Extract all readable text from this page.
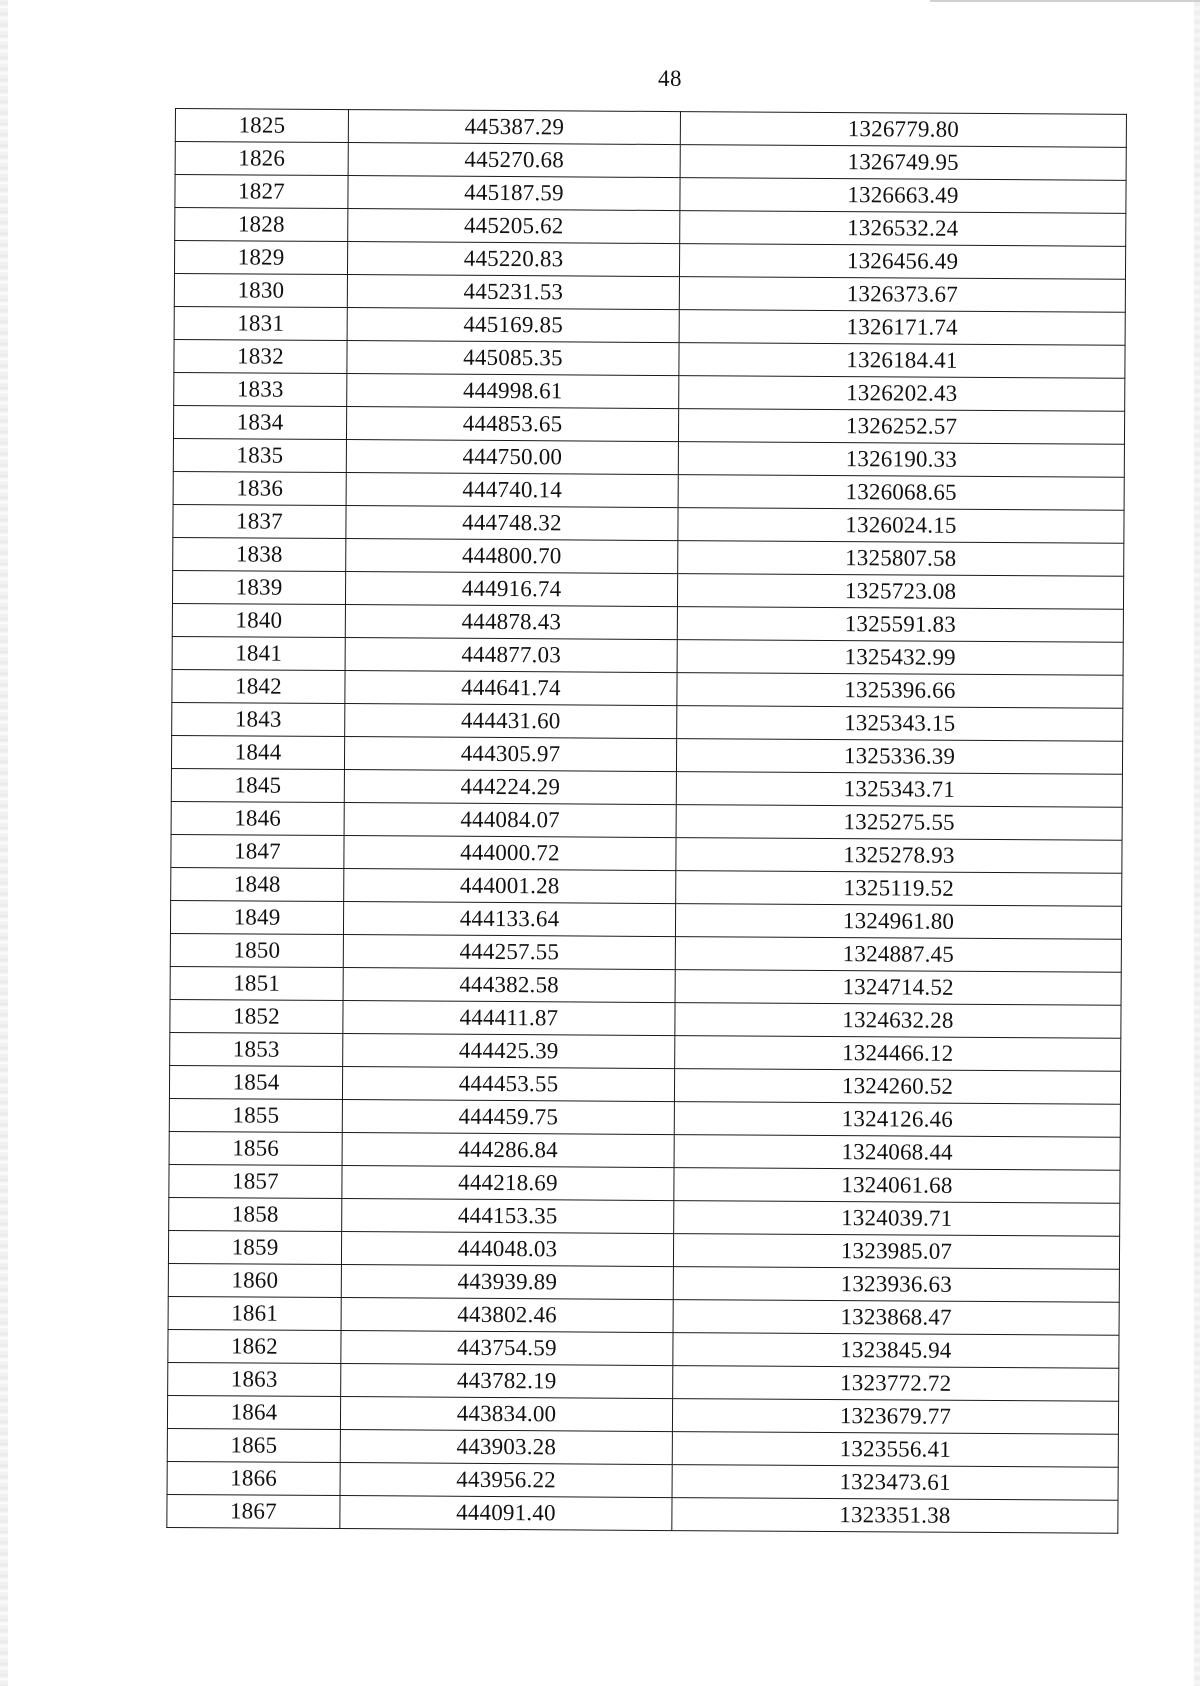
48
1825	445387.29	1326779.80
1826	445270.68	1326749.95
1827	445187.59	1326663.49
1828	445205.62	1326532.24
1829	445220.83	1326456.49
1830	445231.53	1326373.67
1831	445169.85	1326171.74
1832	445085.35	1326184.41
1833	444998.61	1326202.43
1834	444853.65	1326252.57
1835	444750.00	1326190.33
1836	444740.14	1326068.65
1837	444748.32	1326024.15
1838	444800.70	1325807.58
1839	444916.74	1325723.08
1840	444878.43	1325591.83
1841	444877.03	1325432.99
1842	444641.74	1325396.66
1843	444431.60	1325343.15
1844	444305.97	1325336.39
1845	444224.29	1325343.71
1846	444084.07	1325275.55
1847	444000.72	1325278.93
1848	444001.28	1325119.52
1849	444133.64	1324961.80
1850	444257.55	1324887.45
1851	444382.58	1324714.52
1852	444411.87	1324632.28
1853	444425.39	1324466.12
1854	444453.55	1324260.52
1855	444459.75	1324126.46
1856	444286.84	1324068.44
1857	444218.69	1324061.68
1858	444153.35	1324039.71
1859	444048.03	1323985.07
1860	443939.89	1323936.63
1861	443802.46	1323868.47
1862	443754.59	1323845.94
1863	443782.19	1323772.72
1864	443834.00	1323679.77
1865	443903.28	1323556.41
1866	443956.22	1323473.61
1867	444091.40	1323351.38
